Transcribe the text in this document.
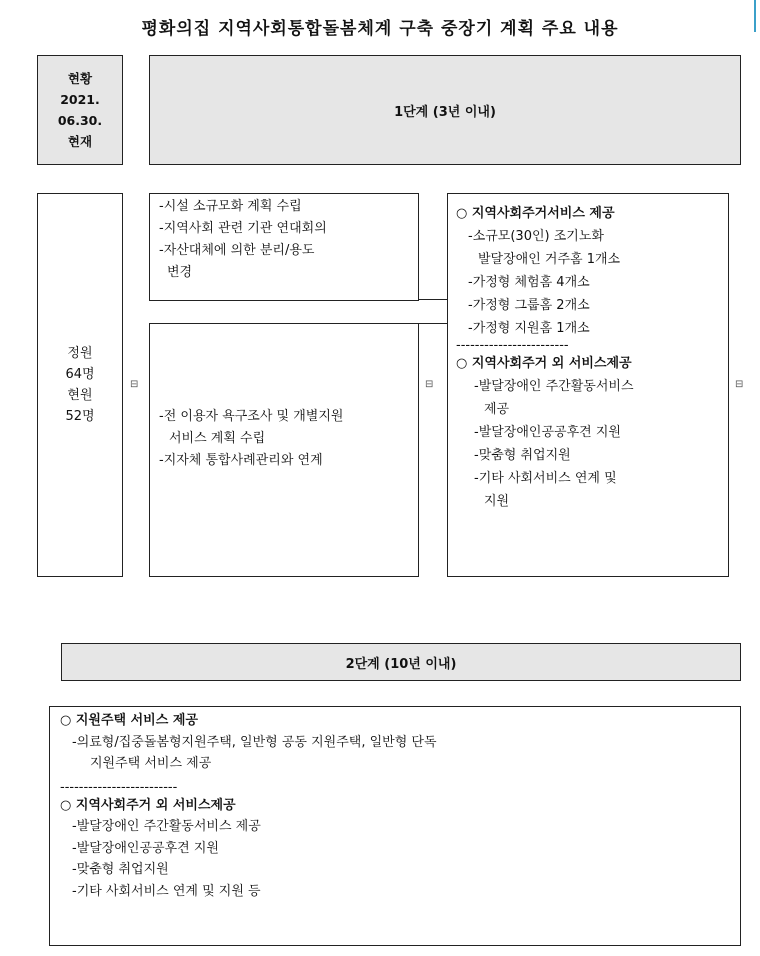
평화의집 지역사회통합돌봄체계 구축 중장기 계획 주요 내용
현황
2021.
06.30.
현재
1단계 (3년 이내)
정원
64명
현원
52명
⊟
-시설 소규모화 계획 수립
-지역사회 관련 기관 연대회의
-자산대체에 의한 분리/용도
변경
-전 이용자 욕구조사 및 개별지원
서비스 계획 수립
-지자체 통합사례관리와 연계
⊟
○ 지역사회주거서비스 제공
-소규모(30인) 조기노화
발달장애인 거주홈 1개소
-가정형 체험홈 4개소
-가정형 그룹홈 2개소
-가정형 지원홈 1개소
------------------------
○ 지역사회주거 외 서비스제공
-발달장애인 주간활동서비스
제공
-발달장애인공공후견 지원
-맞춤형 취업지원
-기타 사회서비스 연계 및
지원
⊟
2단계 (10년 이내)
○ 지원주택 서비스 제공
-의료형/집중돌봄형지원주택, 일반형 공동 지원주택, 일반형 단독
지원주택 서비스 제공
-------------------------
○ 지역사회주거 외 서비스제공
-발달장애인 주간활동서비스 제공
-발달장애인공공후견 지원
-맞춤형 취업지원
-기타 사회서비스 연계 및 지원 등
